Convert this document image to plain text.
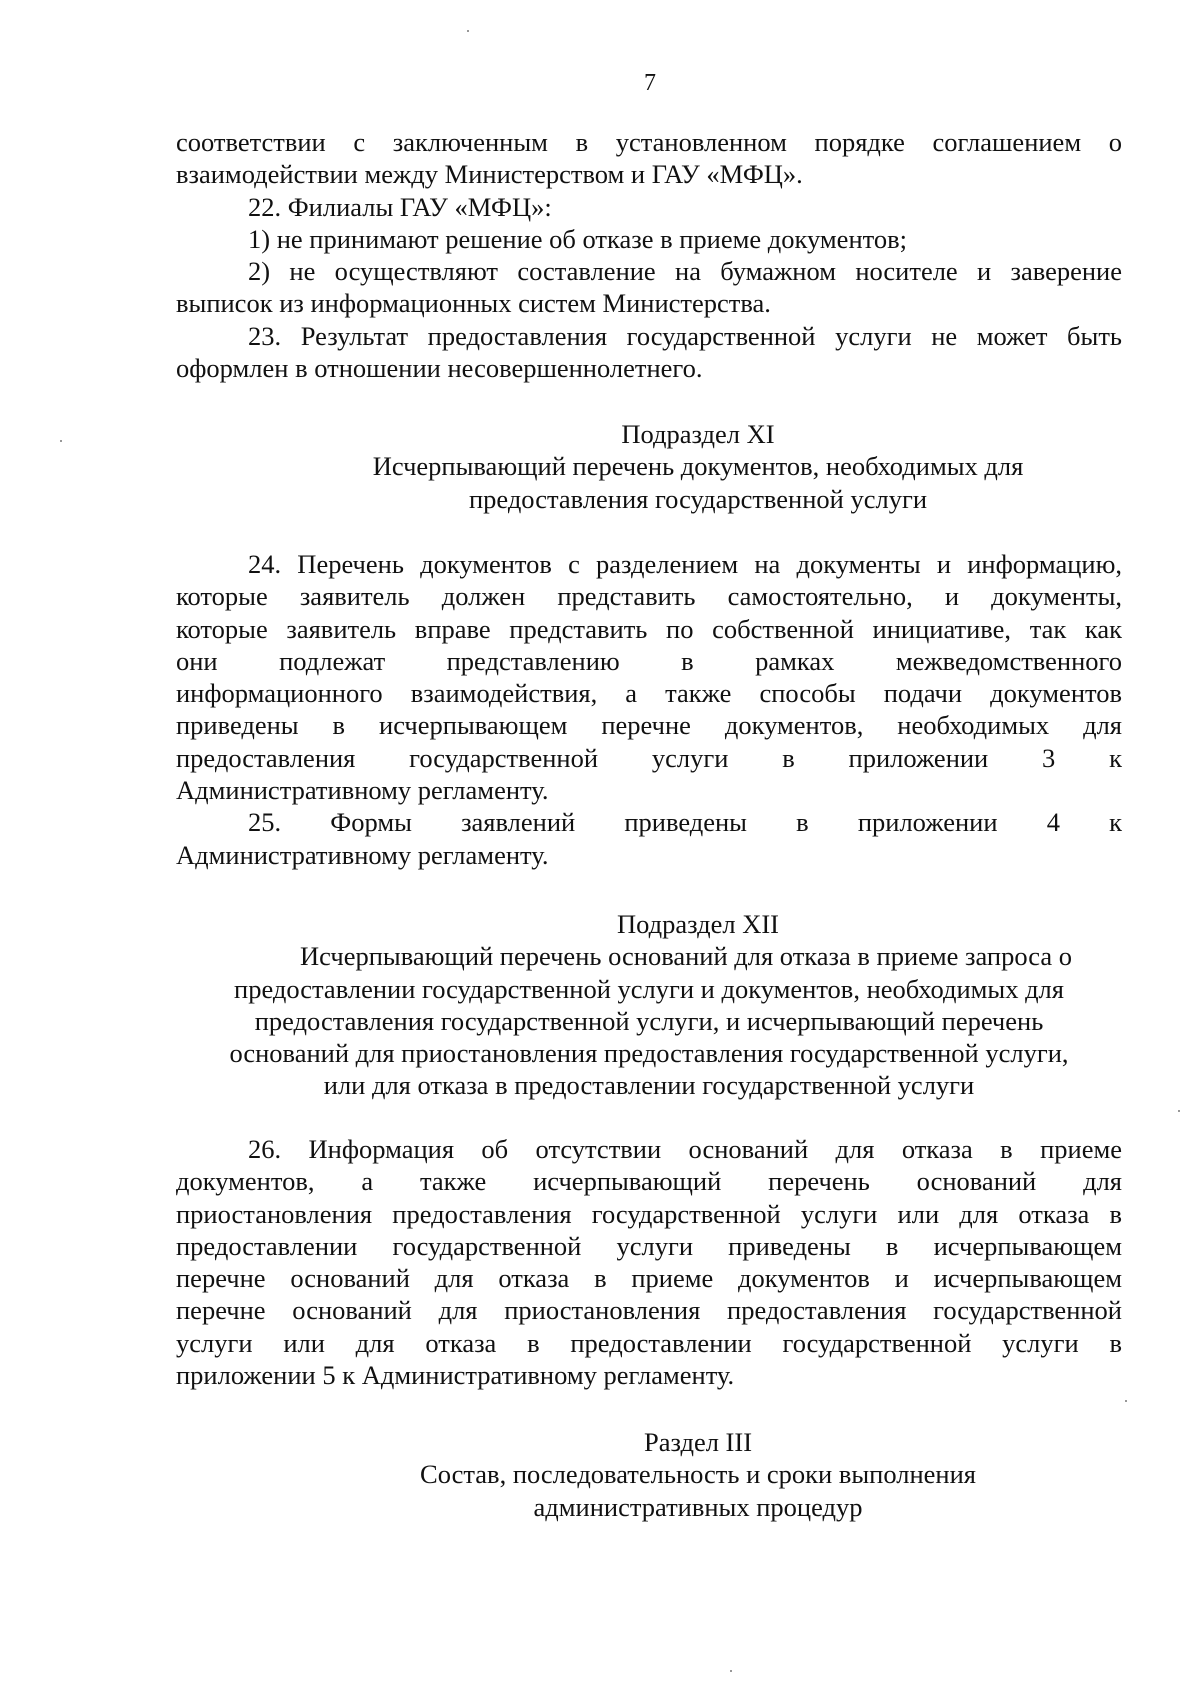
7

соответствии с заключенным в установленном порядке соглашением о

взаимодействии между Министерством и ГАУ «МФЦ».

22. Филиалы ГАУ «МФЦ»:

1) не принимают решение об отказе в приеме документов;

2) не осуществляют составление на бумажном носителе и заверение

выписок из информационных систем Министерства.

23. Результат предоставления государственной услуги не может быть

оформлен в отношении несовершеннолетнего.

Подраздел XI

Исчерпывающий перечень документов, необходимых для

предоставления государственной услуги

24. Перечень документов с разделением на документы и информацию,

которые заявитель должен представить самостоятельно, и документы,

которые заявитель вправе представить по собственной инициативе, так как

они подлежат представлению в рамках межведомственного

информационного взаимодействия, а также способы подачи документов

приведены в исчерпывающем перечне документов, необходимых для

предоставления государственной услуги в приложении 3 к

Административному регламенту.

25. Формы заявлений приведены в приложении 4 к

Административному регламенту.

Подраздел XII

Исчерпывающий перечень оснований для отказа в приеме запроса о

предоставлении государственной услуги и документов, необходимых для

предоставления государственной услуги, и исчерпывающий перечень

оснований для приостановления предоставления государственной услуги,

или для отказа в предоставлении государственной услуги

26. Информация об отсутствии оснований для отказа в приеме

документов, а также исчерпывающий перечень оснований для

приостановления предоставления государственной услуги или для отказа в

предоставлении государственной услуги приведены в исчерпывающем

перечне оснований для отказа в приеме документов и исчерпывающем

перечне оснований для приостановления предоставления государственной

услуги или для отказа в предоставлении государственной услуги в

приложении 5 к Административному регламенту.

Раздел III

Состав, последовательность и сроки выполнения

административных процедур
